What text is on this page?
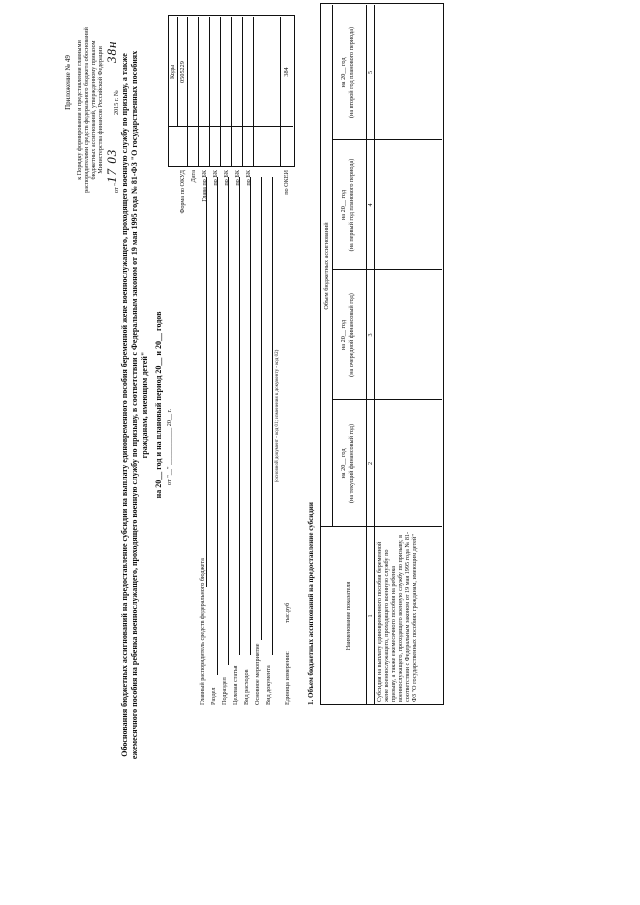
Приложение № 49 к Порядку формирования и представления главными распорядителями средств федерального бюджета обоснований бюджетных ассигнований, утвержденному приказом Министерства финансов Российской Федерации
от "
17 03
2015 г. №
38н
Обоснования бюджетных ассигнований на предоставление субсидии на выплату единовременного пособия беременной жене военнослужащего, проходящего военную службу по призыву, а также ежемесячного пособия на ребенка военнослужащего, проходящего военную службу по призыву, в соответствии с Федеральным законом от 19 мая 1995 года № 81-ФЗ "О государственных пособиях гражданам, имеющим детей" на 20__ год и на плановый период 20__ и 20__ годов
Коды 0505229
Форма по ОКУД Дата Глава по БК по БК по БК по БК по БК	по ОКЕИ
384
от "__" ____________ 20__ г.
Главный распорядитель средств федерального бюджета Раздел Подраздел Целевая статья Вид расходов Основное мероприятие Вид документа
(основной документ - код 01; изменения к документу - код 02)
Единица измерения:
тыс.руб 1. Объем бюджетных ассигнований на предоставление субсидии	Наименование показателя
Объем бюджетных ассигнований
на 20__ год (на текущий финансовый год)
на 20__ год (на очередной финансовый год)
на 20__ год (на первый год планового периода)
на 20__ год (на второй год планового периода)
1
2
3
4
5
Субсидия на выплату единовременного пособия беременной жене военнослужащего, проходящего военную службу по призыву, а также ежемесячного пособия на ребенка военнослужащего, проходящего военную службу по призыву, в соответствии с Федеральным законом от 19 мая 1995 года № 81- ФЗ "О государственных пособиях гражданам, имеющим детей"
